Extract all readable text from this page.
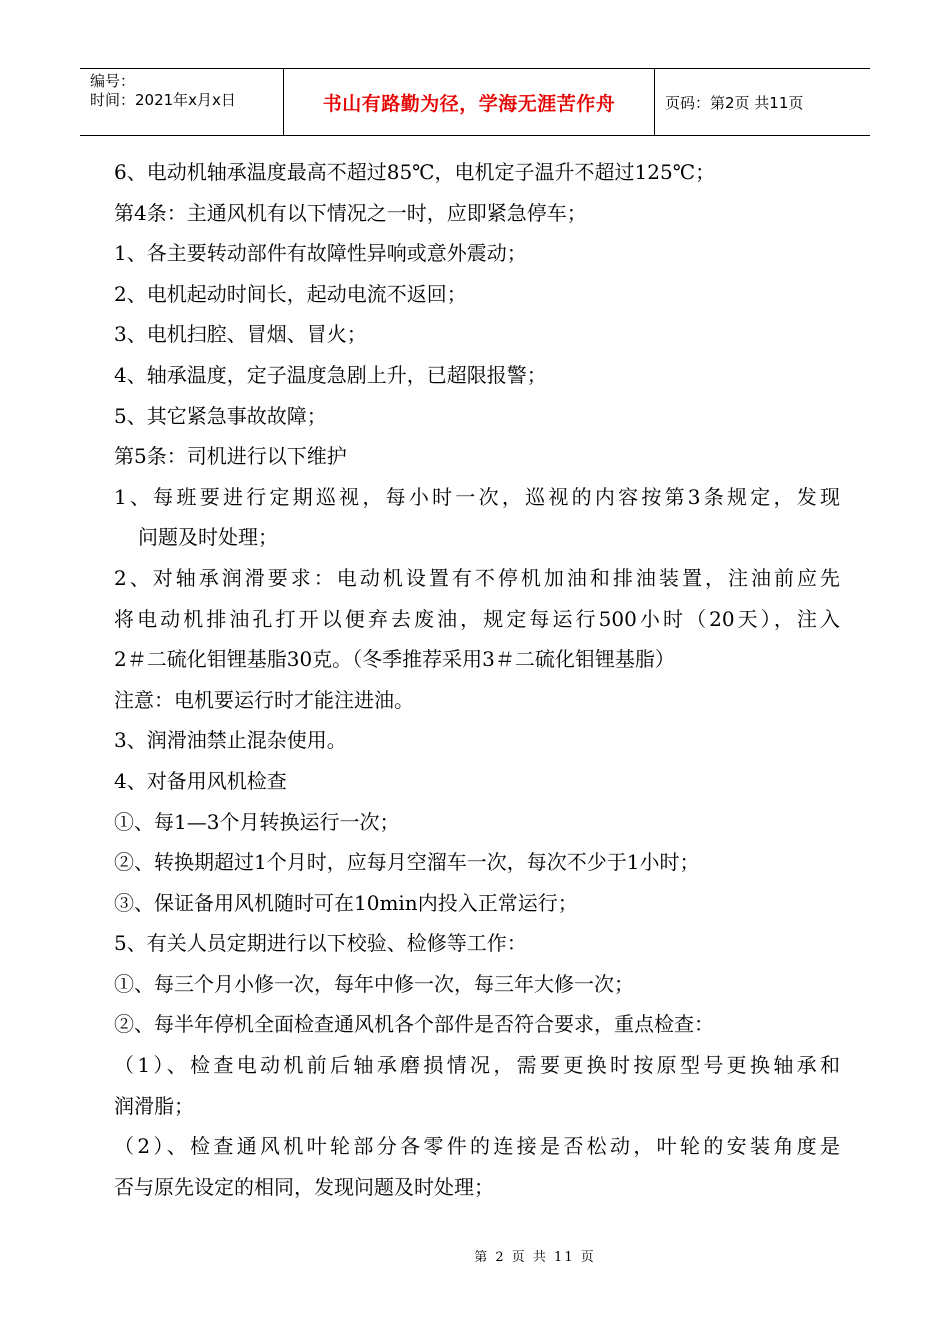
编号：
时间：2021年x月x日	书山有路勤为径，学海无涯苦作舟	页码：第2页 共11页
6、电动机轴承温度最高不超过85℃，电机定子温升不超过125℃；
第4条：主通风机有以下情况之一时，应即紧急停车；
1、各主要转动部件有故障性异响或意外震动；
2、电机起动时间长，起动电流不返回；
3、电机扫腔、冒烟、冒火；
4、轴承温度，定子温度急剧上升，已超限报警；
5、其它紧急事故故障；
第5条：司机进行以下维护
1、每班要进行定期巡视，每小时一次，巡视的内容按第3条规定，发现
问题及时处理；
2、对轴承润滑要求：电动机设置有不停机加油和排油装置，注油前应先
将电动机排油孔打开以便弃去废油，规定每运行500小时（20天），注入
2＃二硫化钼锂基脂30克。（冬季推荐采用3＃二硫化钼锂基脂）
注意：电机要运行时才能注进油。
3、润滑油禁止混杂使用。
4、对备用风机检查
①、每1—3个月转换运行一次；
②、转换期超过1个月时，应每月空溜车一次，每次不少于1小时；
③、保证备用风机随时可在10min内投入正常运行；
5、有关人员定期进行以下校验、检修等工作：
①、每三个月小修一次，每年中修一次，每三年大修一次；
②、每半年停机全面检查通风机各个部件是否符合要求，重点检查：
（1）、检查电动机前后轴承磨损情况，需要更换时按原型号更换轴承和
润滑脂；
（2）、检查通风机叶轮部分各零件的连接是否松动，叶轮的安装角度是
否与原先设定的相同，发现问题及时处理；
第 2 页 共 11 页
